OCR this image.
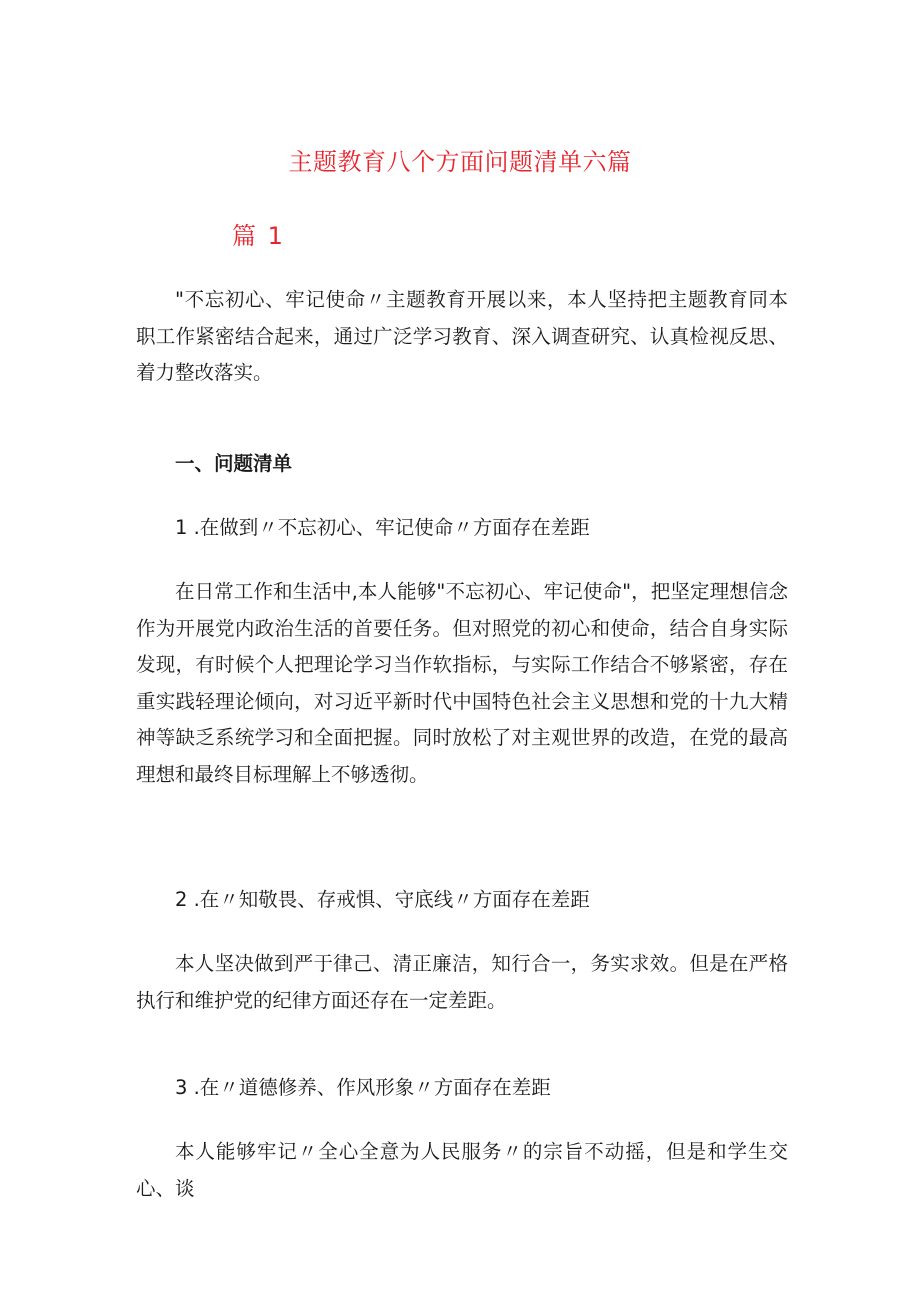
主题教育八个方面问题清单六篇
篇 1
"不忘初心、牢记使命〃主题教育开展以来，本人坚持把主题教育同本职工作紧密结合起来，通过广泛学习教育、深入调查研究、认真检视反思、着力整改落实。
一、问题清单
1 .在做到〃不忘初心、牢记使命〃方面存在差距
在日常工作和生活中,本人能够"不忘初心、牢记使命"，把坚定理想信念作为开展党内政治生活的首要任务。但对照党的初心和使命，结合自身实际发现，有时候个人把理论学习当作软指标，与实际工作结合不够紧密，存在重实践轻理论倾向，对习近平新时代中国特色社会主义思想和党的十九大精神等缺乏系统学习和全面把握。同时放松了对主观世界的改造，在党的最高理想和最终目标理解上不够透彻。
2 .在〃知敬畏、存戒惧、守底线〃方面存在差距
本人坚决做到严于律己、清正廉洁，知行合一，务实求效。但是在严格执行和维护党的纪律方面还存在一定差距。
3 .在〃道德修养、作风形象〃方面存在差距
本人能够牢记〃全心全意为人民服务〃的宗旨不动摇，但是和学生交心、谈
